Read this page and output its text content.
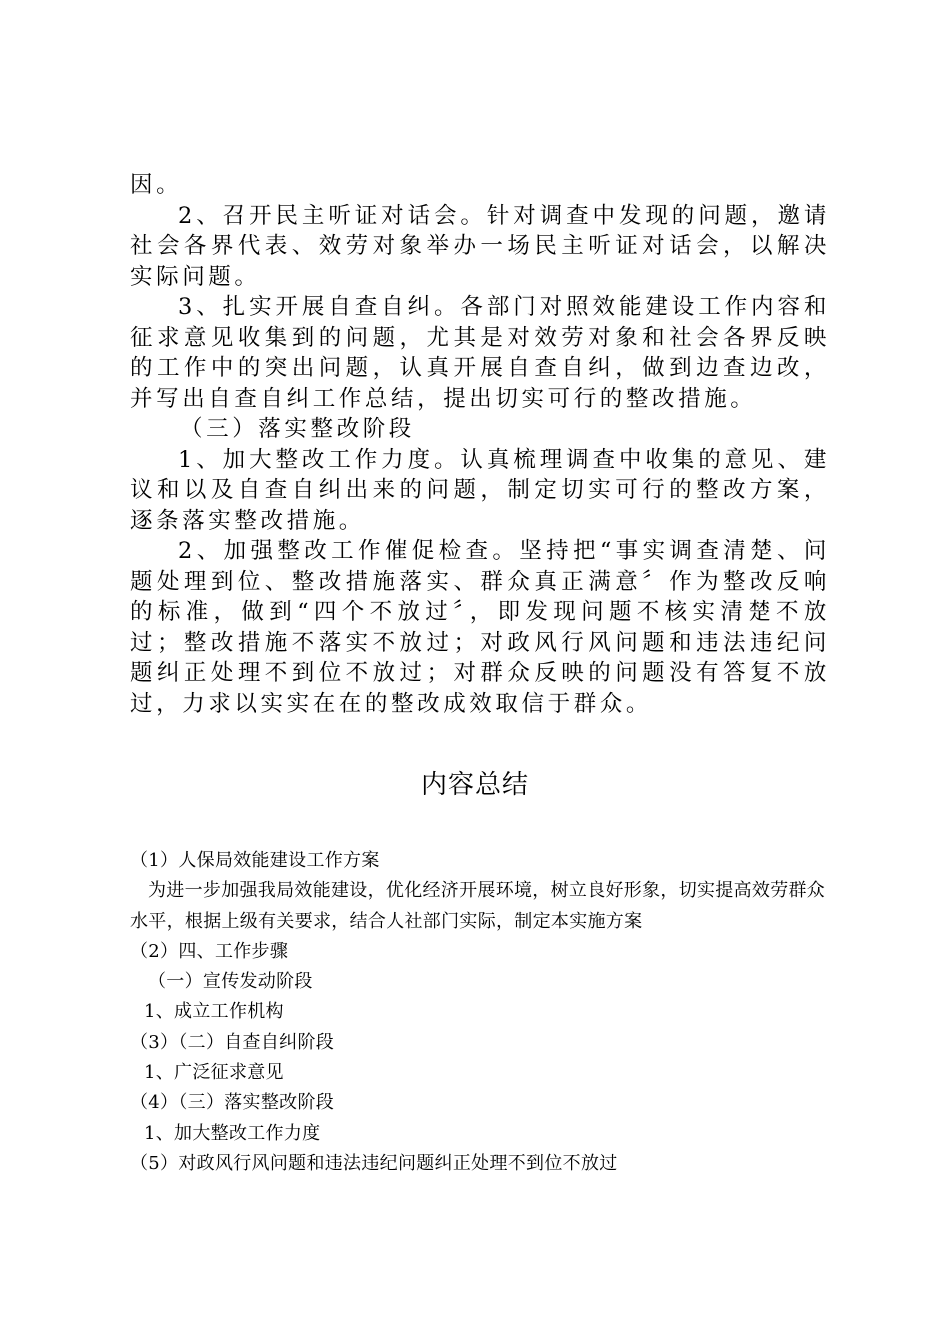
因。

2、召开民主听证对话会。针对调查中发现的问题，邀请社会各界代表、效劳对象举办一场民主听证对话会，以解决实际问题。

3、扎实开展自查自纠。各部门对照效能建设工作内容和征求意见收集到的问题，尤其是对效劳对象和社会各界反映的工作中的突出问题，认真开展自查自纠，做到边查边改，并写出自查自纠工作总结，提出切实可行的整改措施。

（三）落实整改阶段

1、加大整改工作力度。认真梳理调查中收集的意见、建议和以及自查自纠出来的问题，制定切实可行的整改方案，逐条落实整改措施。

2、加强整改工作催促检查。坚持把“事实调查清楚、问题处理到位、整改措施落实、群众真正满意〞作为整改反响的标准，做到“四个不放过〞，即发现问题不核实清楚不放过；整改措施不落实不放过；对政风行风问题和违法违纪问题纠正处理不到位不放过；对群众反映的问题没有答复不放过，力求以实实在在的整改成效取信于群众。

内容总结

（1）人保局效能建设工作方案

为进一步加强我局效能建设，优化经济开展环境，树立良好形象，切实提高效劳群众水平，根据上级有关要求，结合人社部门实际，制定本实施方案

（2）四、工作步骤

（一）宣传发动阶段

1、成立工作机构

（3）（二）自查自纠阶段

1、广泛征求意见

（4）（三）落实整改阶段

1、加大整改工作力度

（5）对政风行风问题和违法违纪问题纠正处理不到位不放过
